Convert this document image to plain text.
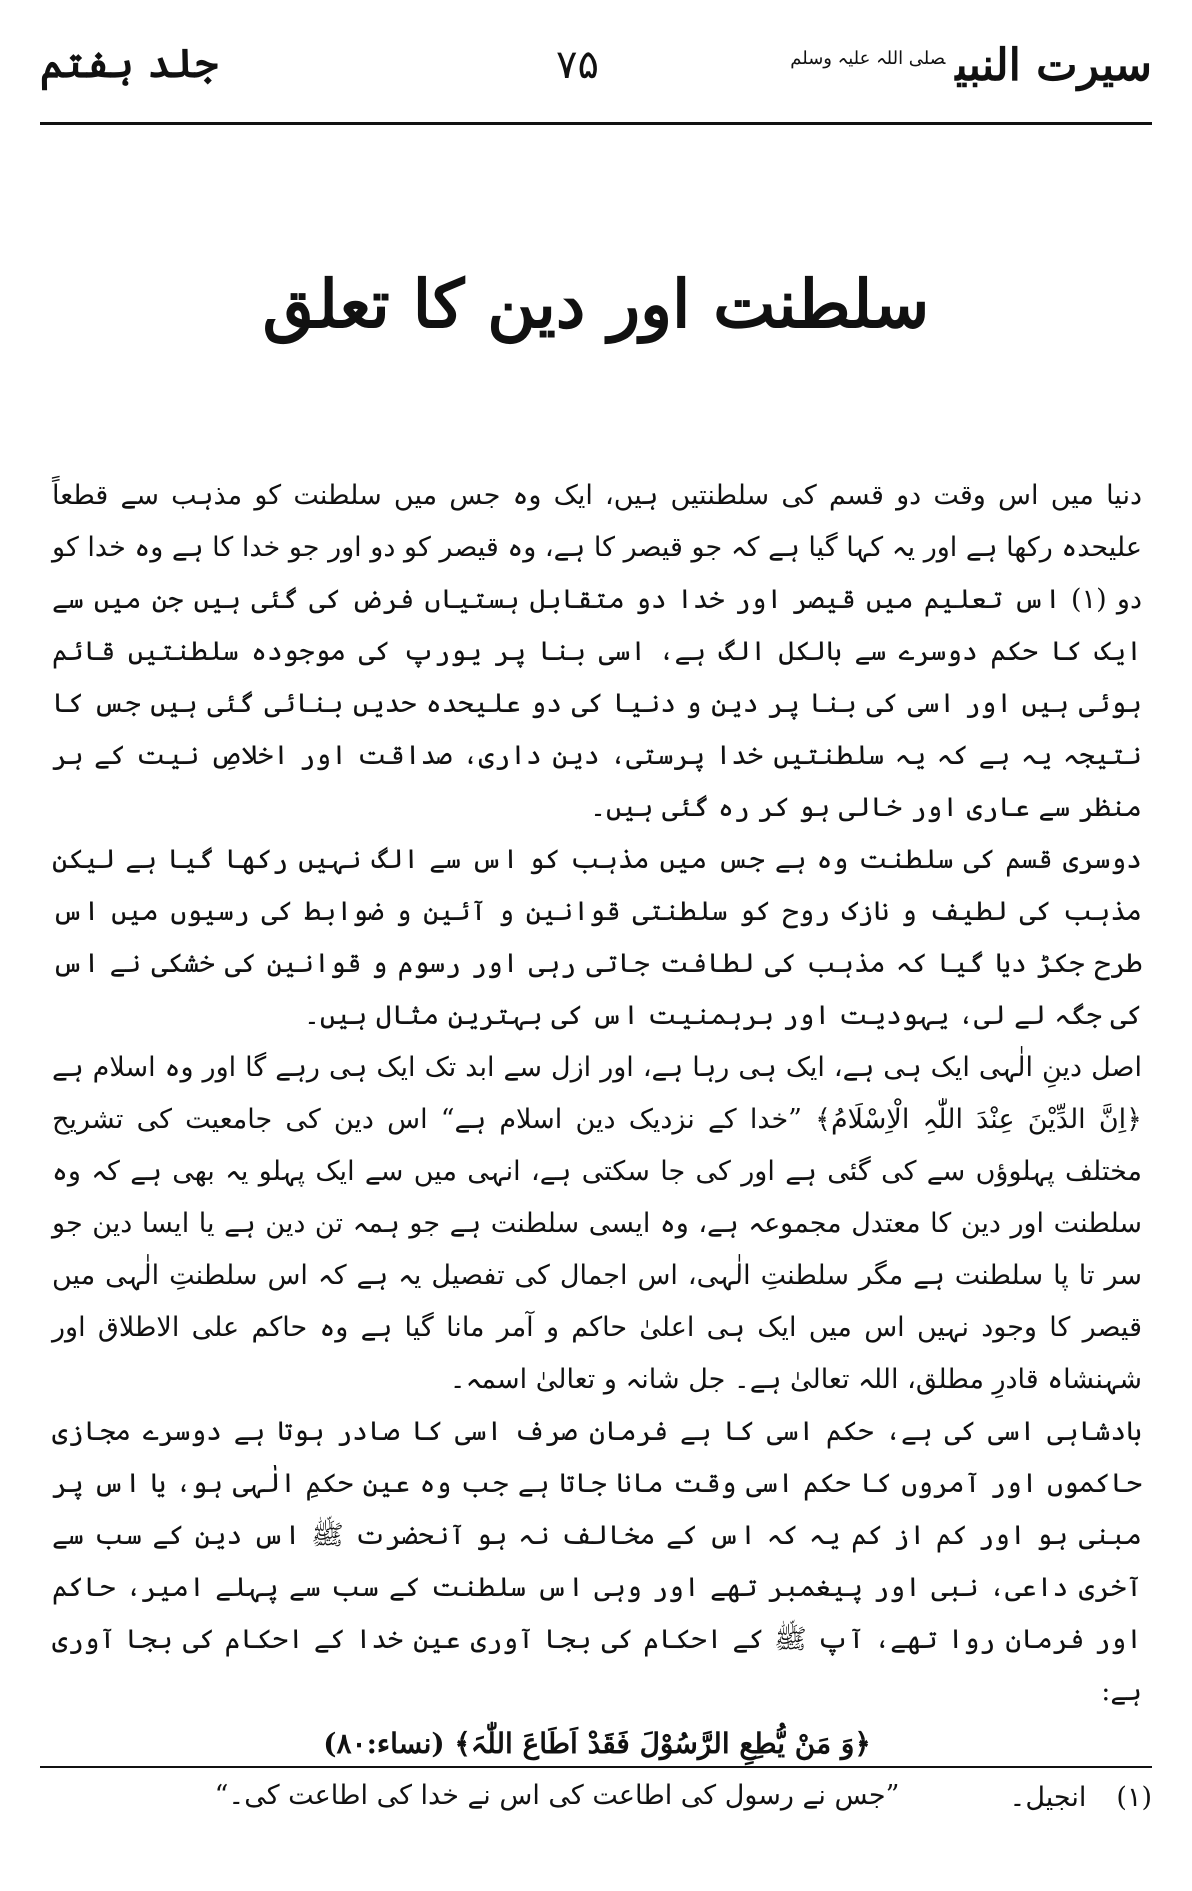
سیرت النبی$^{صلی اللہ علیہ وسلم}$
۷۵
جلد ہفتم
سلطنت اور دین کا تعلق

دنیا میں اس وقت دو قسم کی سلطنتیں ہیں، ایک وہ جس میں سلطنت کو مذہب سے قطعاً علیحدہ رکھا ہے اور یہ کہا گیا ہے کہ جو قیصر کا ہے، وہ قیصر کو دو اور جو خدا کا ہے وہ خدا کو دو (۱) اس تعلیم میں قیصر اور خدا دو متقابل ہستیاں فرض کی گئی ہیں جن میں سے ایک کا حکم دوسرے سے بالکل الگ ہے، اسی بنا پر یورپ کی موجودہ سلطنتیں قائم ہوئی ہیں اور اسی کی بنا پر دین و دنیا کی دو علیحدہ حدیں بنائی گئی ہیں جس کا نتیجہ یہ ہے کہ یہ سلطنتیں خدا پرستی، دین داری، صداقت اور اخلاصِ نیت کے ہر منظر سے عاری اور خالی ہو کر رہ گئی ہیں۔

دوسری قسم کی سلطنت وہ ہے جس میں مذہب کو اس سے الگ نہیں رکھا گیا ہے لیکن مذہب کی لطیف و نازک روح کو سلطنتی قوانین و آئین و ضوابط کی رسیوں میں اس طرح جکڑ دیا گیا کہ مذہب کی لطافت جاتی رہی اور رسوم و قوانین کی خشکی نے اس کی جگہ لے لی، یہودیت اور برہمنیت اس کی بہترین مثال ہیں۔

اصل دینِ الٰہی ایک ہی ہے، ایک ہی رہا ہے، اور ازل سے ابد تک ایک ہی رہے گا اور وہ اسلام ہے ﴿اِنَّ الدِّیْنَ عِنْدَ اللّٰہِ الْاِسْلَامُ﴾ ”خدا کے نزدیک دین اسلام ہے“ اس دین کی جامعیت کی تشریح مختلف پہلوؤں سے کی گئی ہے اور کی جا سکتی ہے، انہی میں سے ایک پہلو یہ بھی ہے کہ وہ سلطنت اور دین کا معتدل مجموعہ ہے، وہ ایسی سلطنت ہے جو ہمہ تن دین ہے یا ایسا دین جو سر تا پا سلطنت ہے مگر سلطنتِ الٰہی، اس اجمال کی تفصیل یہ ہے کہ اس سلطنتِ الٰہی میں قیصر کا وجود نہیں اس میں ایک ہی اعلیٰ حاکم و آمر مانا گیا ہے وہ حاکم علی الاطلاق اور شہنشاہ قادرِ مطلق، اللہ تعالیٰ ہے۔ جل شانہ و تعالیٰ اسمہ۔

بادشاہی اسی کی ہے، حکم اسی کا ہے فرمان صرف اسی کا صادر ہوتا ہے دوسرے مجازی حاکموں اور آمروں کا حکم اسی وقت مانا جاتا ہے جب وہ عین حکمِ الٰہی ہو، یا اس پر مبنی ہو اور کم از کم یہ کہ اس کے مخالف نہ ہو آنحضرت ﷺ اس دین کے سب سے آخری داعی، نبی اور پیغمبر تھے اور وہی اس سلطنت کے سب سے پہلے امیر، حاکم اور فرمان روا تھے، آپ ﷺ کے احکام کی بجا آوری عین خدا کے احکام کی بجا آوری ہے:

﴿وَ مَنْ یُّطِعِ الرَّسُوْلَ فَقَدْ اَطَاعَ اللّٰہَ﴾ (نساء:۸۰)

”جس نے رسول کی اطاعت کی اس نے خدا کی اطاعت کی۔“	(۱)انجیل۔
